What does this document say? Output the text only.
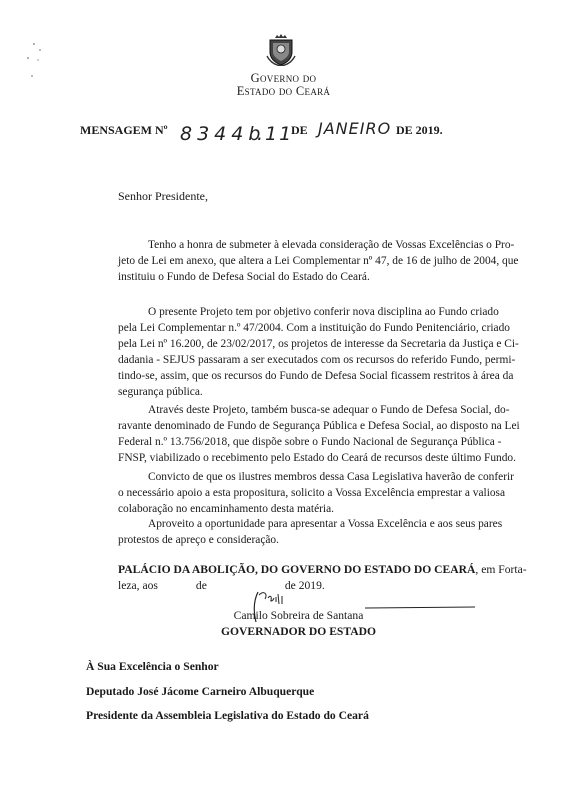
Governo do
Estado do Ceará
MENSAGEM Nº 8344b
.11
DE JANEIRO DE 2019.
Senhor Presidente,
Tenho a honra de submeter à elevada consideração de Vossas Excelências o Pro-
jeto de Lei em anexo, que altera a Lei Complementar nº 47, de 16 de julho de 2004, que
instituiu o Fundo de Defesa Social do Estado do Ceará.
O presente Projeto tem por objetivo conferir nova disciplina ao Fundo criado
pela Lei Complementar n.º 47/2004. Com a instituição do Fundo Penitenciário, criado
pela Lei nº 16.200, de 23/02/2017, os projetos de interesse da Secretaria da Justiça e Ci-
dadania - SEJUS passaram a ser executados com os recursos do referido Fundo, permi-
tindo-se, assim, que os recursos do Fundo de Defesa Social ficassem restritos à área da
segurança pública.
Através deste Projeto, também busca-se adequar o Fundo de Defesa Social, do-
ravante denominado de Fundo de Segurança Pública e Defesa Social, ao disposto na Lei
Federal n.º 13.756/2018, que dispõe sobre o Fundo Nacional de Segurança Pública -
FNSP, viabilizado o recebimento pelo Estado do Ceará de recursos deste último Fundo.
Convicto de que os ilustres membros dessa Casa Legislativa haverão de conferir
o necessário apoio a esta propositura, solicito a Vossa Excelência emprestar a valiosa
colaboração no encaminhamento desta matéria.
Aproveito a oportunidade para apresentar a Vossa Excelência e aos seus pares
protestos de apreço e consideração.
PALÁCIO DA ABOLIÇÃO, DO GOVERNO DO ESTADO DO CEARÁ, em Forta-
leza, aos	de	de 2019.
Camilo Sobreira de Santana
GOVERNADOR DO ESTADO
À Sua Excelência o Senhor
Deputado José Jácome Carneiro Albuquerque
Presidente da Assembleia Legislativa do Estado do Ceará
